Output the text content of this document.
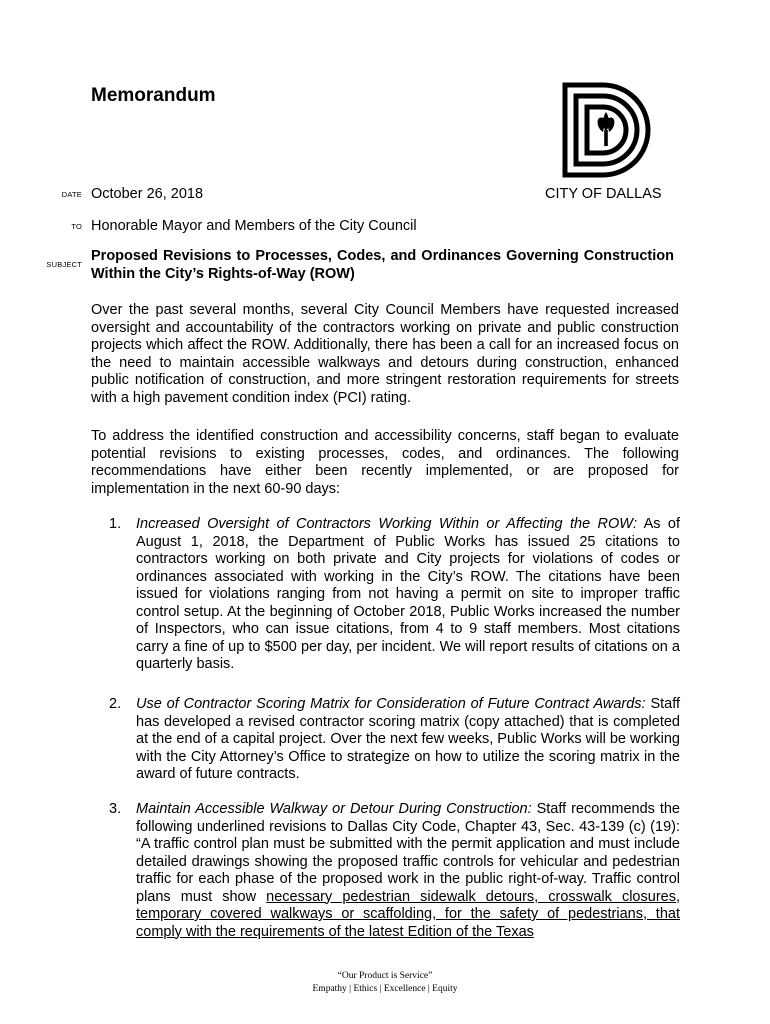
Memorandum
DATE October 26, 2018	CITY OF DALLAS
TO Honorable Mayor and Members of the City Council
SUBJECT

Proposed Revisions to Processes, Codes, and Ordinances Governing Construction Within the City’s Rights-of-Way (ROW)

Over the past several months, several City Council Members have requested increased oversight and accountability of the contractors working on private and public construction projects which affect the ROW. Additionally, there has been a call for an increased focus on the need to maintain accessible walkways and detours during construction, enhanced public notification of construction, and more stringent restoration requirements for streets with a high pavement condition index (PCI) rating.

To address the identified construction and accessibility concerns, staff began to evaluate potential revisions to existing processes, codes, and ordinances. The following recommendations have either been recently implemented, or are proposed for implementation in the next 60-90 days:

1. Increased Oversight of Contractors Working Within or Affecting the ROW: As of August 1, 2018, the Department of Public Works has issued 25 citations to contractors working on both private and City projects for violations of codes or ordinances associated with working in the City’s ROW. The citations have been issued for violations ranging from not having a permit on site to improper traffic control setup. At the beginning of October 2018, Public Works increased the number of Inspectors, who can issue citations, from 4 to 9 staff members. Most citations carry a fine of up to $500 per day, per incident. We will report results of citations on a quarterly basis.
2. Use of Contractor Scoring Matrix for Consideration of Future Contract Awards: Staff has developed a revised contractor scoring matrix (copy attached) that is completed at the end of a capital project. Over the next few weeks, Public Works will be working with the City Attorney’s Office to strategize on how to utilize the scoring matrix in the award of future contracts.
3. Maintain Accessible Walkway or Detour During Construction: Staff recommends the following underlined revisions to Dallas City Code, Chapter 43, Sec. 43-139 (c) (19): “A traffic control plan must be submitted with the permit application and must include detailed drawings showing the proposed traffic controls for vehicular and pedestrian traffic for each phase of the proposed work in the public right-of-way. Traffic control plans must show necessary pedestrian sidewalk detours, crosswalk closures, temporary covered walkways or scaffolding, for the safety of pedestrians, that comply with the requirements of the latest Edition of the Texas
“Our Product is Service”
Empathy | Ethics | Excellence | Equity
